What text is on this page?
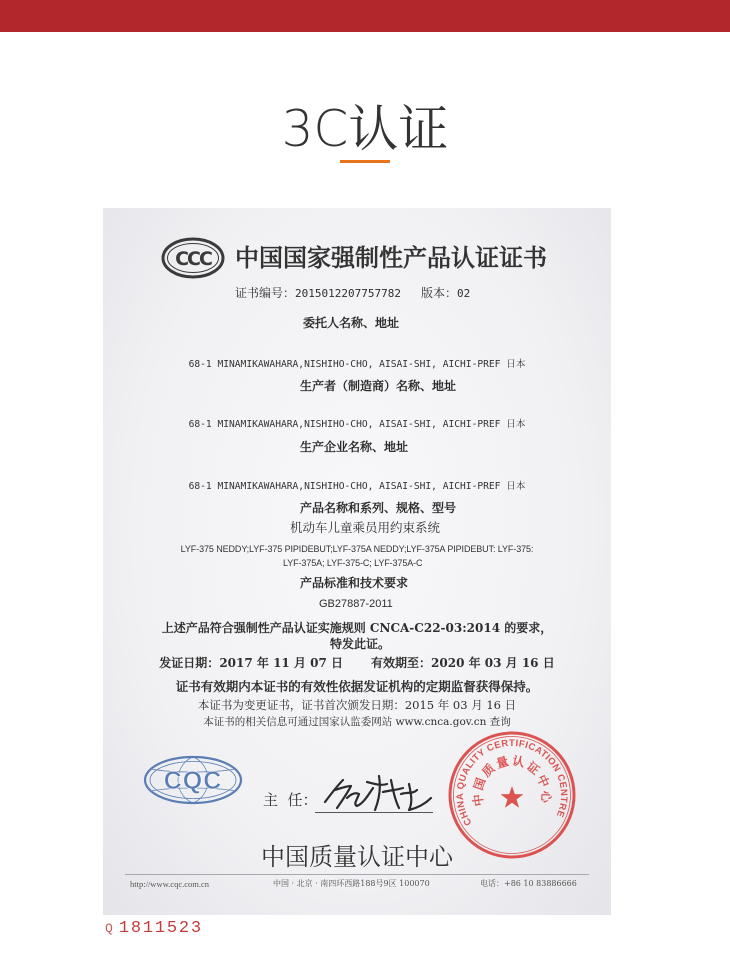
3C认证
CCC 中国国家强制性产品认证证书
证书编号：2015012207757782 版本：02
委托人名称、地址
68-1 MINAMIKAWAHARA,NISHIHO-CHO, AISAI-SHI, AICHI-PREF 日本
生产者（制造商）名称、地址
68-1 MINAMIKAWAHARA,NISHIHO-CHO, AISAI-SHI, AICHI-PREF 日本
生产企业名称、地址
68-1 MINAMIKAWAHARA,NISHIHO-CHO, AISAI-SHI, AICHI-PREF 日本
产品名称和系列、规格、型号
机动车儿童乘员用约束系统
LYF-375 NEDDY;LYF-375 PIPIDEBUT;LYF-375A NEDDY;LYF-375A PIPIDEBUT: LYF-375:
LYF-375A; LYF-375-C; LYF-375A-C
产品标准和技术要求
GB27887-2011
上述产品符合强制性产品认证实施规则 CNCA-C22-03:2014 的要求，
特发此证。
发证日期：2017 年 11 月 07 日 有效期至：2020 年 03 月 16 日
证书有效期内本证书的有效性依据发证机构的定期监督获得保持。
本证书为变更证书，证书首次颁发日期：2015 年 03 月 16 日
本证书的相关信息可通过国家认监委网站 www.cnca.gov.cn 查询
CQC
主  任：
CHINA QUALITY CERTIFICATION CENTRE
中国质量认证中心
中国质量认证中心
http://www.cqc.com.cn	中国 · 北京 · 南四环西路188号9区 100070	电话：+86 10 83886666
Q 1811523
